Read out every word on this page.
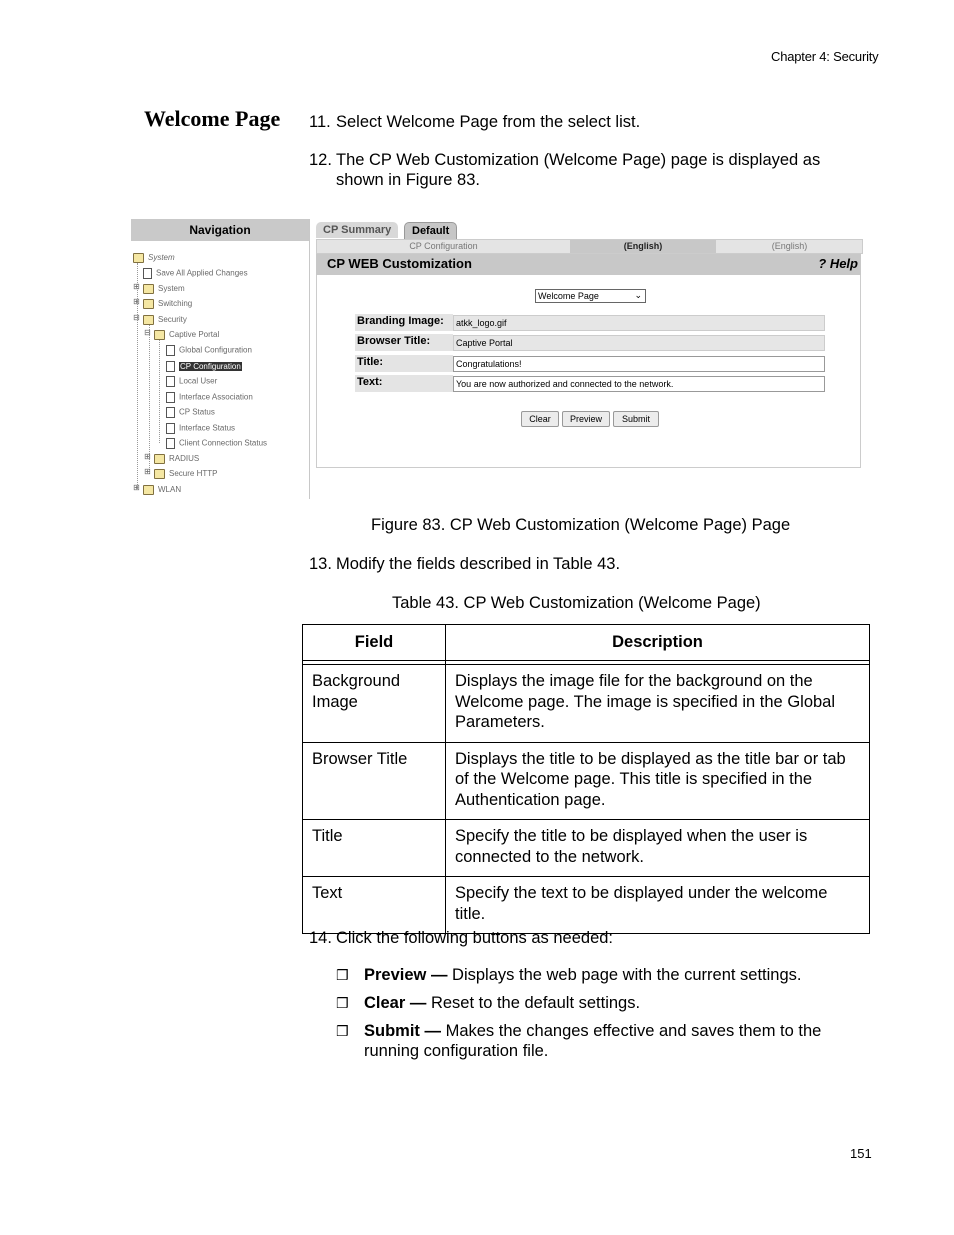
Chapter 4: Security
Welcome Page 11. Select Welcome Page from the select list.
12. The CP Web Customization (Welcome Page) page is displayed as shown in Figure 83.
Navigation
System
Save All Applied Changes
⊞	System
⊞	Switching
⊟	Security
⊟	Captive Portal
Global Configuration
CP Configuration
Local User
Interface Association
CP Status
Interface Status
Client Connection Status
⊞	RADIUS
⊞	Secure HTTP
⊞	WLAN
CP Summary	Default
CP Configuration	(English)	(English)
CP WEB Customization	? Help
Welcome Page	⌄
Branding Image:	atkk_logo.gif
Browser Title:	Captive Portal
Title:	Congratulations!
Text:	You are now authorized and connected to the network.
Clear	Preview	Submit
Figure 83. CP Web Customization (Welcome Page) Page
13. Modify the fields described in Table 43.
Table 43. CP Web Customization (Welcome Page)
Field	Description

Background Image	Displays the image file for the background on the Welcome page. The image is specified in the Global Parameters.
Browser Title	Displays the title to be displayed as the title bar or tab of the Welcome page. This title is specified in the Authentication page.
Title	Specify the title to be displayed when the user is connected to the network.
Text	Specify the text to be displayed under the welcome title.
14. Click the following buttons as needed:
❒ Preview — Displays the web page with the current settings.
❒ Clear — Reset to the default settings.
❒ Submit — Makes the changes effective and saves them to the running configuration file.
151
